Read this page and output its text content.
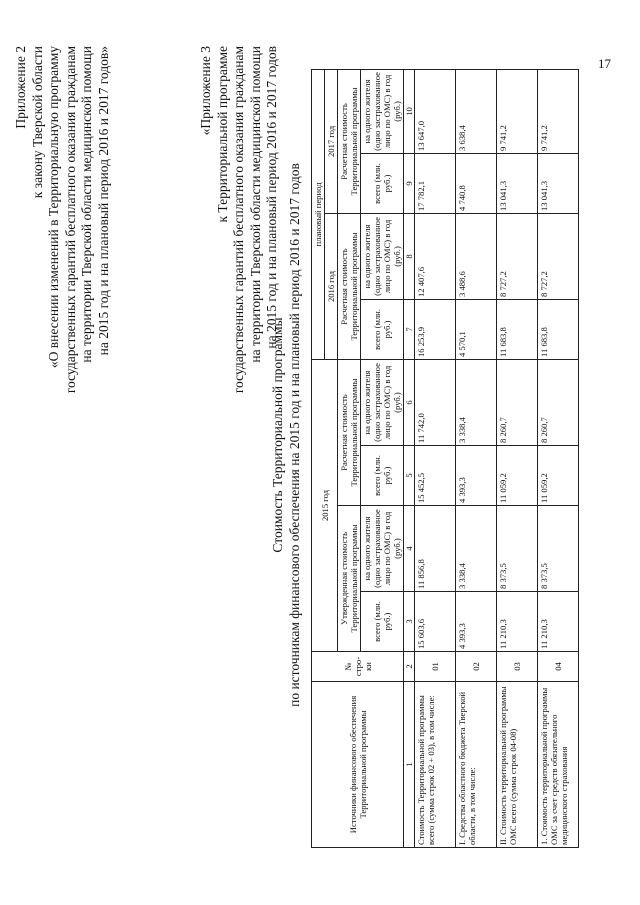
17
Приложение 2 к закону Тверской области «О внесении изменений в Территориальную программу государственных гарантий бесплатного оказания гражданам на территории Тверской области медицинской помощи на 2015 год и на плановый период 2016 и 2017 годов»	«Приложение 3 к Территориальной программе государственных гарантий бесплатного оказания гражданам на территории Тверской области медицинской помощи на 2015 год и на плановый период 2016 и 2017 годов
Стоимость Территориальной программы по источникам финансового обеспечения на 2015 год и на плановый период 2016 и 2017 годов
Источники финансового обеспечения Территориальной программы	№ стро- ки	2015 год				плановый период			
						2016 год		2017 год	
		Утвержденная стоимость Территориальной программы		Расчетная стоимость Территориальной программы		Расчетная стоимость Территориальной программы		Расчетная стоимость Территориальной программы	
		всего (млн. руб.)	на одного жителя (одно застрахованное лицо по ОМС) в год (руб.)	всего (млн. руб.)	на одного жителя (одно застрахованное лицо по ОМС) в год (руб.)	всего (млн. руб.)	на одного жителя (одно застрахованное лицо по ОМС) в год (руб.)	всего (млн. руб.)	на одного жителя (одно застрахованное лицо по ОМС) в год (руб.)
1	2	3	4	5	6	7	8	9	10
Стоимость Территориальной программы всего (сумма строк 02 + 03), в том числе:	01	15 603,6	11 856,8	15 452,5	11 742,0	16 253,9	12 407,6	17 782,1	13 647,0
I. Средства областного бюджета Тверской области, в том числе:	02	4 393,3	3 338,4	4 393,3	3 338,4	4 570,1	3 488,6	4 740,8	3 638,4
II. Стоимость территориальной программы ОМС всего (сумма строк 04-08)	03	11 210,3	8 373,5	11 059,2	8 260,7	11 683,8	8 727,2	13 041,3	9 741,2
1. Стоимость территориальной программы ОМС за счет средств обязательного медицинского страхования	04	11 210,3	8 373,5	11 059,2	8 260,7	11 683,8	8 727,2	13 041,3	9 741,2
